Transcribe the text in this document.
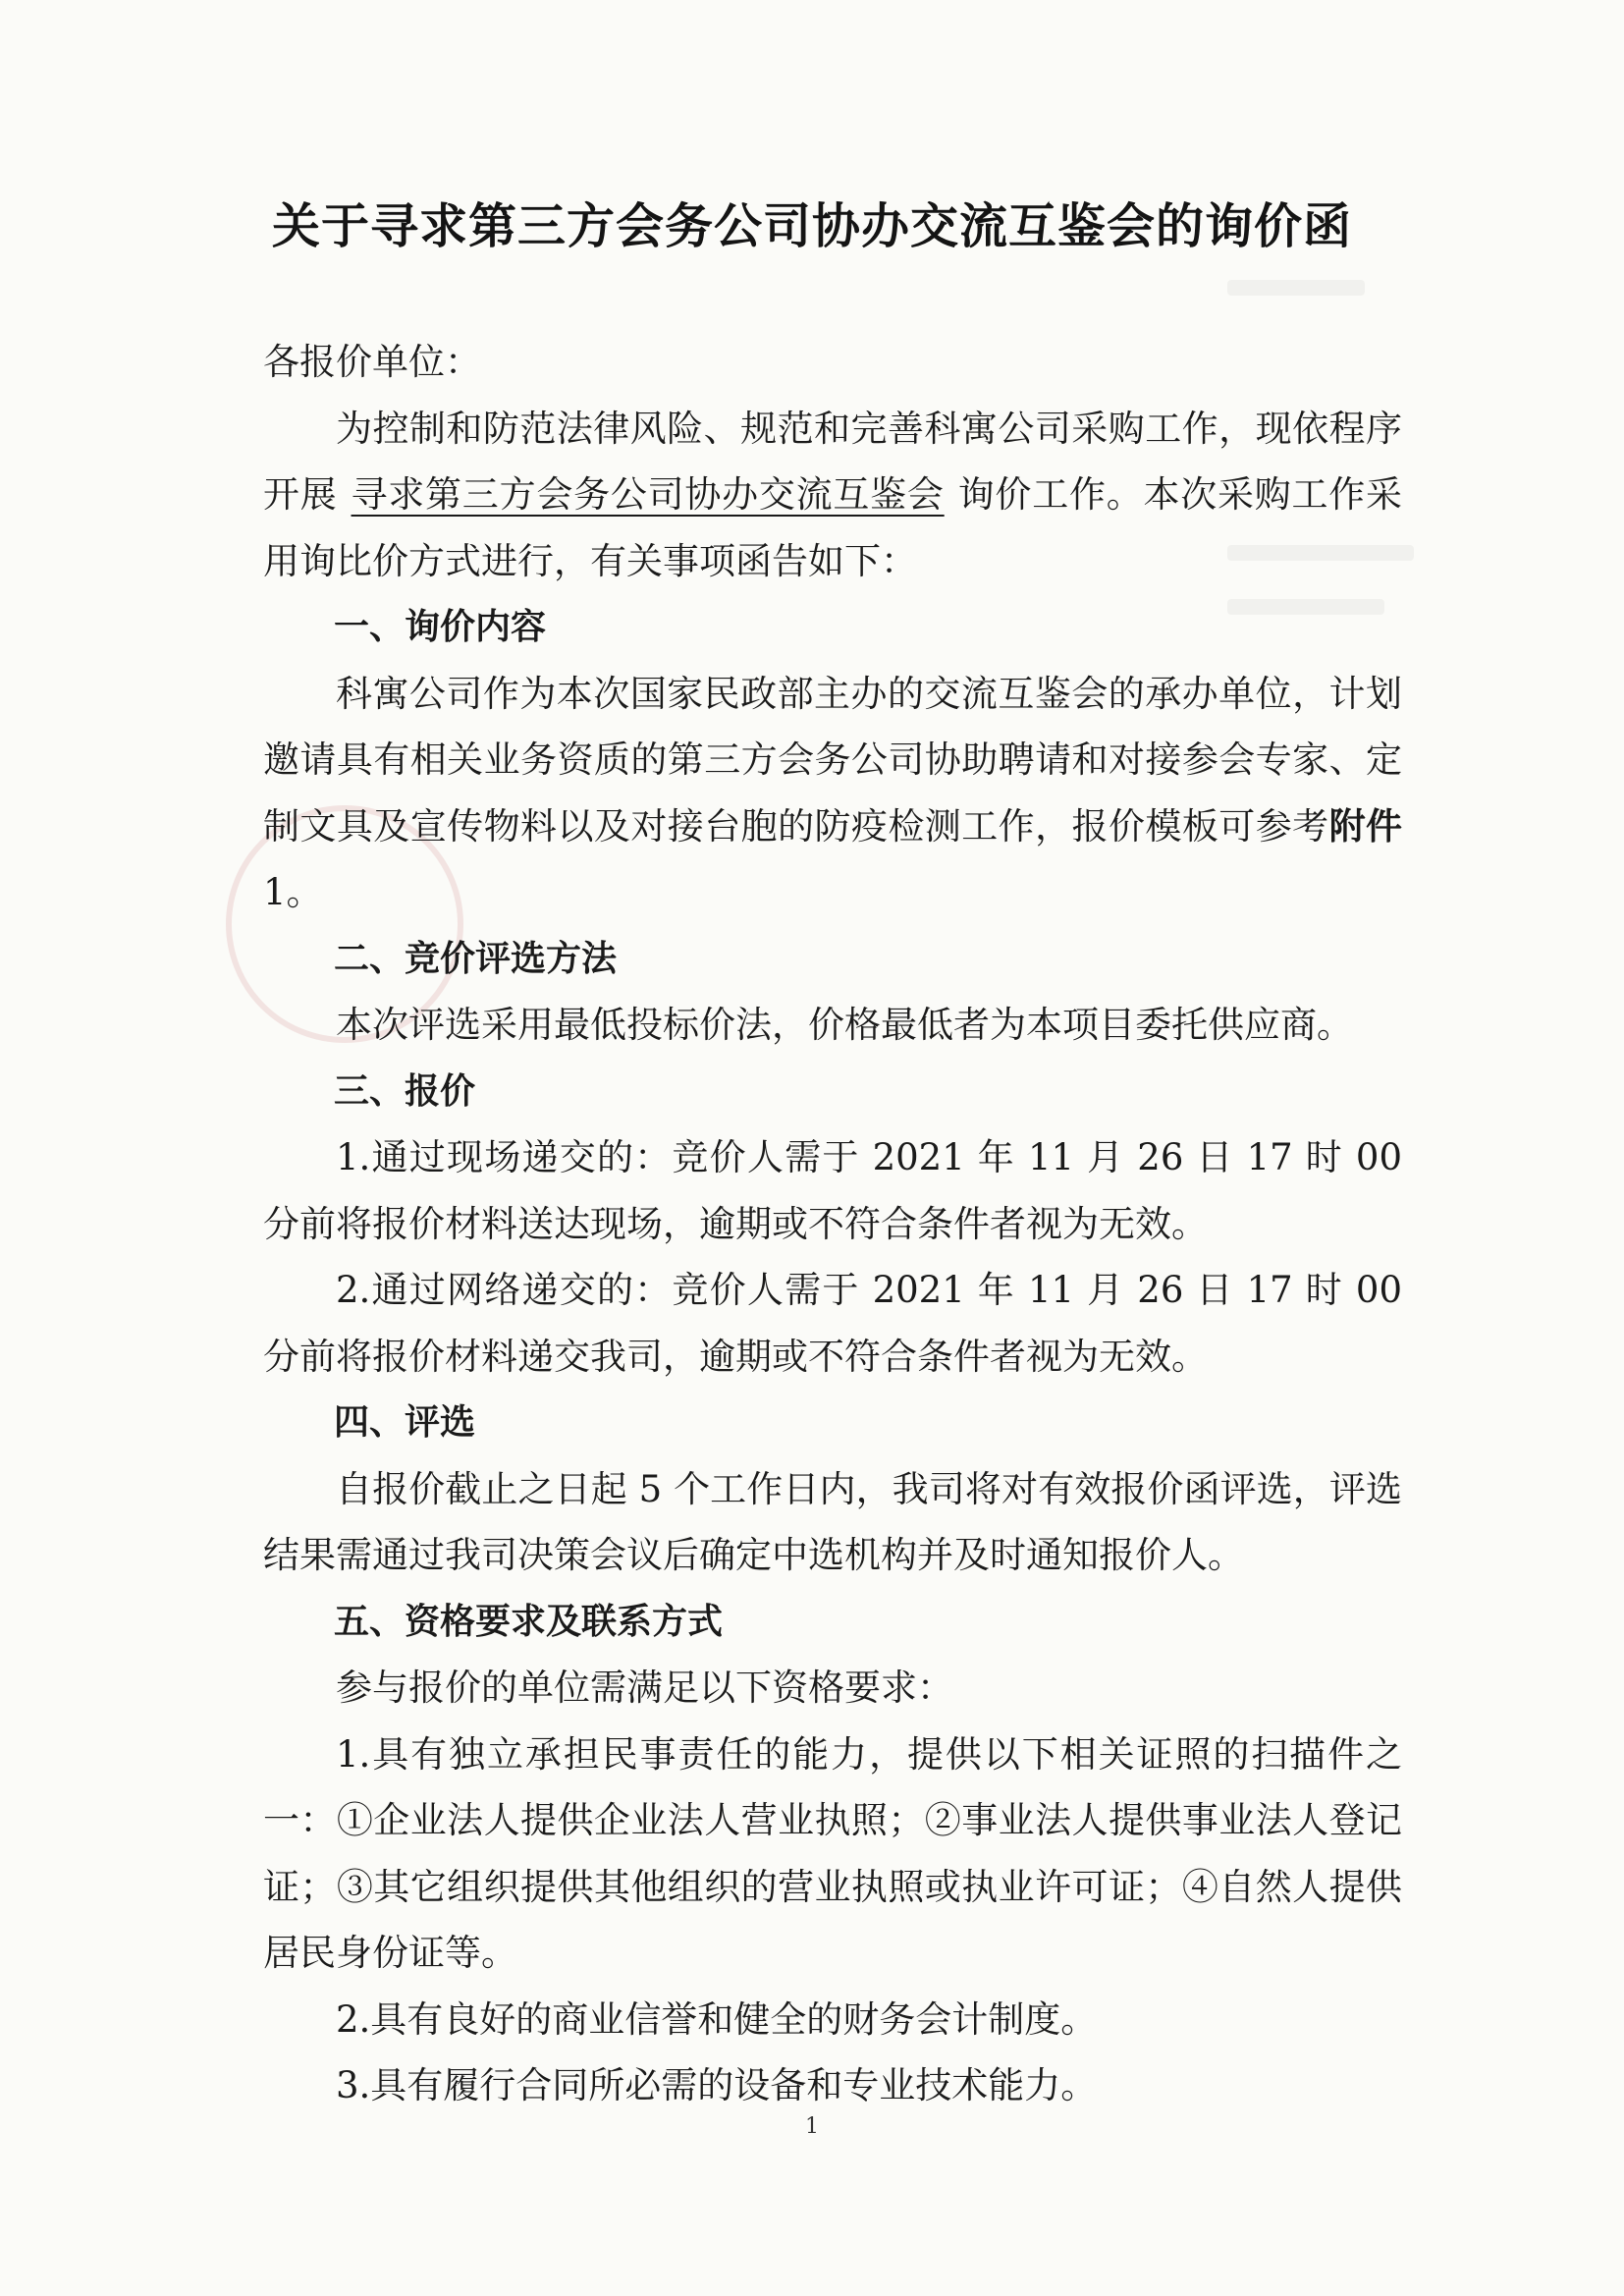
关于寻求第三方会务公司协办交流互鉴会的询价函

各报价单位：

为控制和防范法律风险、规范和完善科寓公司采购工作，现依程序开展 寻求第三方会务公司协办交流互鉴会 询价工作。本次采购工作采用询比价方式进行，有关事项函告如下：

一、询价内容

科寓公司作为本次国家民政部主办的交流互鉴会的承办单位，计划邀请具有相关业务资质的第三方会务公司协助聘请和对接参会专家、定制文具及宣传物料以及对接台胞的防疫检测工作，报价模板可参考附件1。

二、竞价评选方法

本次评选采用最低投标价法，价格最低者为本项目委托供应商。

三、报价

1.通过现场递交的：竞价人需于 2021 年 11 月 26 日 17 时 00 分前将报价材料送达现场，逾期或不符合条件者视为无效。

2.通过网络递交的：竞价人需于 2021 年 11 月 26 日 17 时 00 分前将报价材料递交我司，逾期或不符合条件者视为无效。

四、评选

自报价截止之日起 5 个工作日内，我司将对有效报价函评选，评选结果需通过我司决策会议后确定中选机构并及时通知报价人。

五、资格要求及联系方式

参与报价的单位需满足以下资格要求：

1.具有独立承担民事责任的能力，提供以下相关证照的扫描件之一：①企业法人提供企业法人营业执照；②事业法人提供事业法人登记证；③其它组织提供其他组织的营业执照或执业许可证；④自然人提供居民身份证等。

2.具有良好的商业信誉和健全的财务会计制度。

3.具有履行合同所必需的设备和专业技术能力。

1
